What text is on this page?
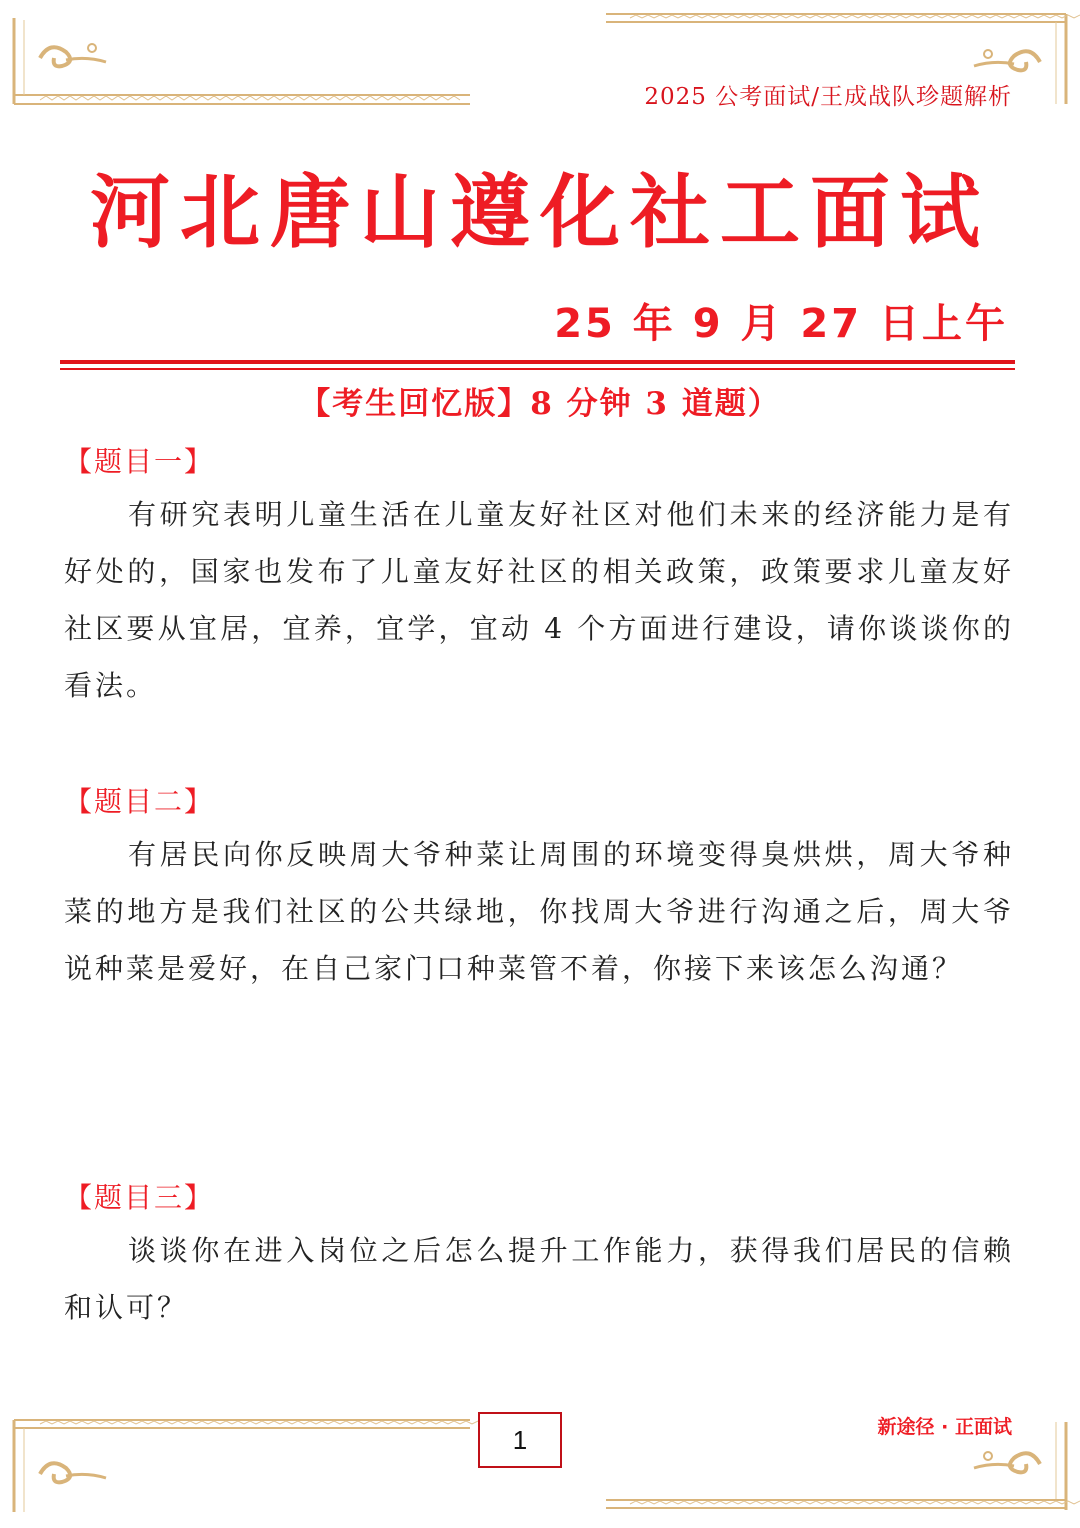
2025 公考面试/王成战队珍题解析
河北唐山遵化社工面试
25 年 9 月 27 日上午
【考生回忆版】8 分钟 3 道题）
【题目一】
有研究表明儿童生活在儿童友好社区对他们未来的经济能力是有好处的，国家也发布了儿童友好社区的相关政策，政策要求儿童友好社区要从宜居，宜养，宜学，宜动 4 个方面进行建设，请你谈谈你的看法。
【题目二】
有居民向你反映周大爷种菜让周围的环境变得臭烘烘，周大爷种菜的地方是我们社区的公共绿地，你找周大爷进行沟通之后，周大爷说种菜是爱好，在自己家门口种菜管不着，你接下来该怎么沟通？
【题目三】
谈谈你在进入岗位之后怎么提升工作能力，获得我们居民的信赖和认可？
1	新途径 · 正面试
